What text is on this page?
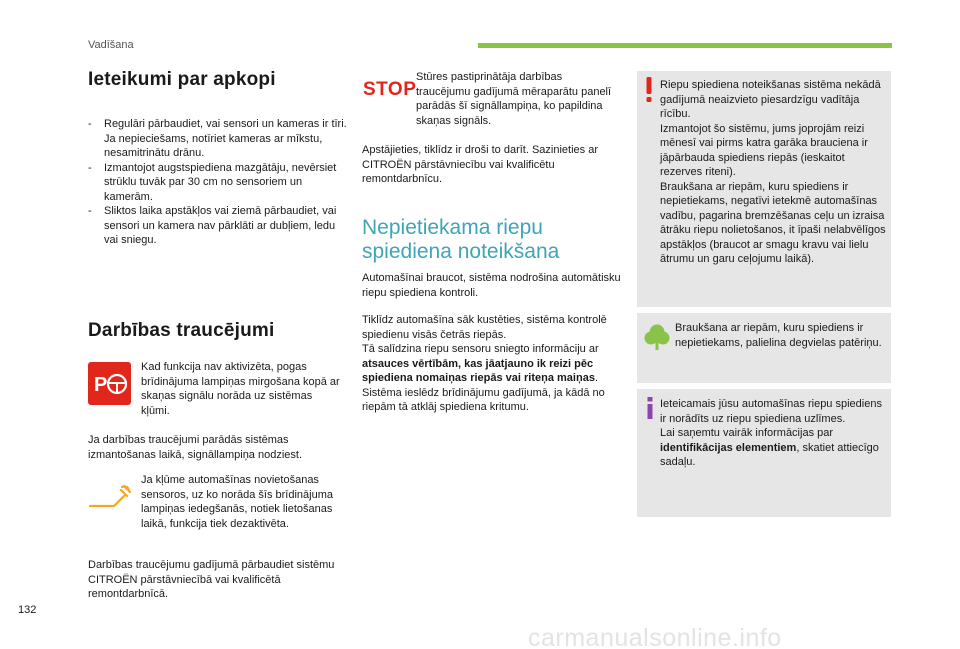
Vadīšana
Ieteikumi par apkopi
- Regulāri pārbaudiet, vai sensori un kameras ir tīri.
Ja nepieciešams, notīriet kameras ar mīkstu, nesamitrinātu drānu.
- Izmantojot augstspiediena mazgātāju, nevērsiet strūklu tuvāk par 30 cm no sensoriem un kamerām.
- Sliktos laika apstākļos vai ziemā pārbaudiet, vai sensori un kamera nav pārklāti ar dubļiem, ledu vai sniegu.
Darbības traucējumi
P
Kad funkcija nav aktivizēta, pogas brīdinājuma lampiņas mirgošana kopā ar skaņas signālu norāda uz sistēmas kļūmi.
Ja darbības traucējumi parādās sistēmas izmantošanas laikā, signāllampiņa nodziest.
Ja kļūme automašīnas novietošanas sensoros, uz ko norāda šīs brīdinājuma lampiņas iedegšanās, notiek lietošanas laikā, funkcija tiek dezaktivēta.
Darbības traucējumu gadījumā pārbaudiet sistēmu CITROËN pārstāvniecībā vai kvalificētā remontdarbnīcā.
STOP
Stūres pastiprinātāja darbības traucējumu gadījumā mēraparātu panelī parādās šī signāllampiņa, ko papildina skaņas signāls.
Apstājieties, tiklīdz ir droši to darīt. Sazinieties ar CITROËN pārstāvniecību vai kvalificētu remontdarbnīcu.
Nepietiekama riepu spiediena noteikšana
Automašīnai braucot, sistēma nodrošina automātisku riepu spiediena kontroli.
Tiklīdz automašīna sāk kustēties, sistēma kontrolē spiedienu visās četrās riepās.
Tā salīdzina riepu sensoru sniegto informāciju ar atsauces vērtībām, kas jāatjauno ik reizi pēc spiediena nomaiņas riepās vai riteņa maiņas.
Sistēma ieslēdz brīdinājumu gadījumā, ja kādā no riepām tā atklāj spiediena kritumu.
Riepu spiediena noteikšanas sistēma nekādā gadījumā neaizvieto piesardzīgu vadītāja rīcību.
Izmantojot šo sistēmu, jums joprojām reizi mēnesī vai pirms katra garāka brauciena ir jāpārbauda spiediens riepās (ieskaitot rezerves riteni).
Braukšana ar riepām, kuru spiediens ir nepietiekams, negatīvi ietekmē automašīnas vadību, pagarina bremzēšanas ceļu un izraisa ātrāku riepu nolietošanos, it īpaši nelabvēlīgos apstākļos (braucot ar smagu kravu vai lielu ātrumu un garu ceļojumu laikā).
Braukšana ar riepām, kuru spiediens ir nepietiekams, palielina degvielas patēriņu.
Ieteicamais jūsu automašīnas riepu spiediens ir norādīts uz riepu spiediena uzlīmes.
Lai saņemtu vairāk informācijas par identifikācijas elementiem, skatiet attiecīgo sadaļu.
132
carmanualsonline.info
